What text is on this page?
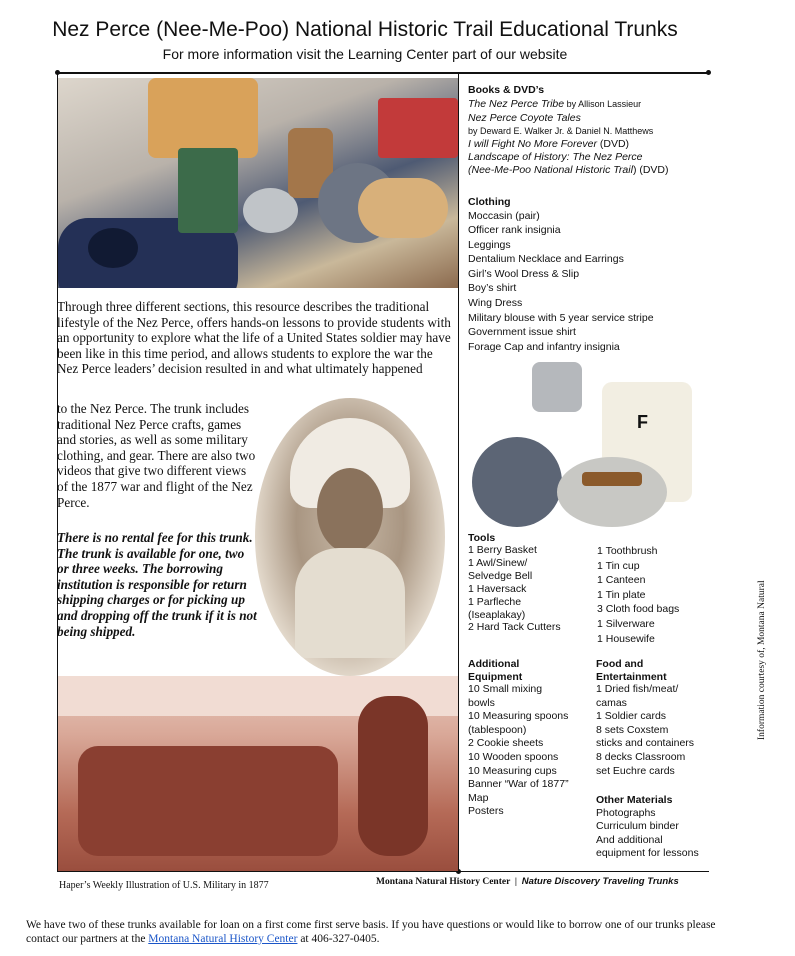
Nez Perce (Nee-Me-Poo) National Historic Trail Educational Trunks
For more information visit the Learning Center part of our website
Through three different sections, this resource describes the traditional lifestyle of the Nez Perce, offers hands-on lessons to provide students with an opportunity to explore what the life of a United States soldier may have been like in this time period, and allows students to explore the war the Nez Perce leaders’ decision resulted in and what ultimately happened
to the Nez Perce. The trunk includes traditional Nez Perce crafts, games and stories, as well as some military clothing, and gear. There are also two videos that give two different views of the 1877 war and flight of the Nez Perce.
There is no rental fee for this trunk. The trunk is available for one, two or three weeks. The borrowing institution is responsible for return shipping charges or for picking up and dropping off the trunk if it is not being shipped.
Haper’s Weekly Illustration of U.S. Military in 1877
Books & DVD’s
The Nez Perce Tribe by Allison Lassieur
Nez Perce Coyote Tales
by Deward E. Walker Jr. & Daniel N. Matthews
I will Fight No More Forever (DVD)
Landscape of History: The Nez Perce
(Nee-Me-Poo National Historic Trail) (DVD)
Clothing
Moccasin (pair)
Officer rank insignia
Leggings
Dentalium Necklace and Earrings
Girl’s Wool Dress & Slip
Boy’s shirt
Wing Dress
Military blouse with 5 year service stripe
Government issue shirt
Forage Cap and infantry insignia
F
Tools
1 Berry Basket
1 Awl/Sinew/
Selvedge Bell
1 Haversack
1 Parfleche
(Iseaplakay)
2 Hard Tack Cutters
1 Toothbrush
1 Tin cup
1 Canteen
1 Tin plate
3 Cloth food bags
1 Silverware
1 Housewife
Additional
Equipment
10 Small mixing
bowls
10 Measuring spoons
(tablespoon)
2 Cookie sheets
10 Wooden spoons
10 Measuring cups
Banner “War of 1877”
Map
Posters
Food and
Entertainment
1 Dried fish/meat/
camas
1 Soldier cards
8 sets Coxstem
sticks and containers
8 decks Classroom
set Euchre cards
Other Materials
Photographs
Curriculum binder
And additional
equipment for lessons
Montana Natural History Center | Nature Discovery Traveling Trunks
Information courtesy of, Montana Natural
We have two of these trunks available for loan on a first come first serve basis. If you have questions or would like to borrow one of our trunks please contact our partners at the Montana Natural History Center at 406-327-0405.
